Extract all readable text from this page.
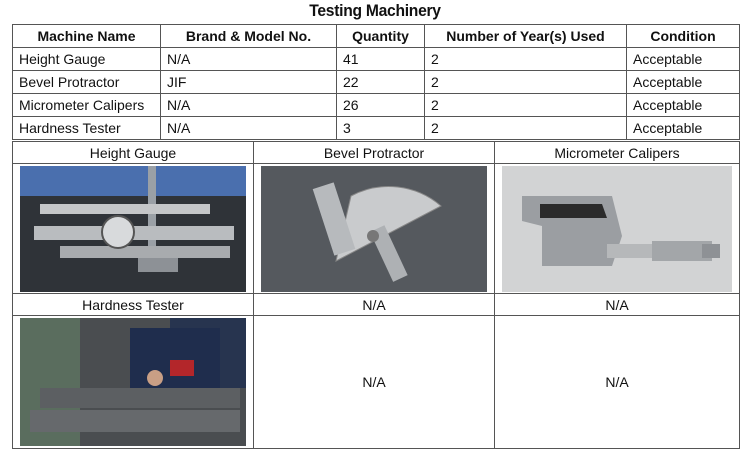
Testing Machinery
Machine Name	Brand & Model No.	Quantity	Number of Year(s) Used	Condition
Height Gauge	N/A	41	2	Acceptable
Bevel Protractor	JIF	22	2	Acceptable
Micrometer Calipers	N/A	26	2	Acceptable
Hardness Tester	N/A	3	2	Acceptable
Height Gauge	Bevel Protractor	Micrometer Calipers

Hardness Tester	N/A	N/A

	N/A	N/A
